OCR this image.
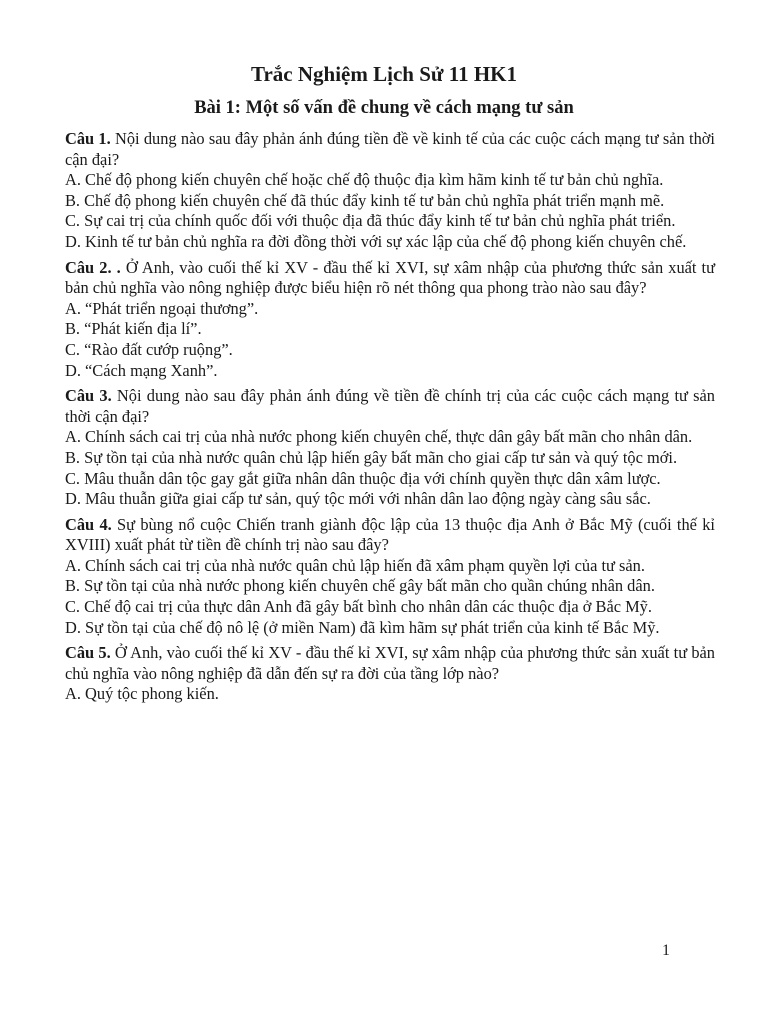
Trắc Nghiệm Lịch Sử 11 HK1
Bài 1: Một số vấn đề chung về cách mạng tư sản

Câu 1. Nội dung nào sau đây phản ánh đúng tiền đề về kinh tế của các cuộc cách mạng tư sản thời cận đại?

A. Chế độ phong kiến chuyên chế hoặc chế độ thuộc địa kìm hãm kinh tế tư bản chủ nghĩa.

B. Chế độ phong kiến chuyên chế đã thúc đẩy kinh tế tư bản chủ nghĩa phát triển mạnh mẽ.

C. Sự cai trị của chính quốc đối với thuộc địa đã thúc đẩy kinh tế tư bản chủ nghĩa phát triển.

D. Kinh tế tư bản chủ nghĩa ra đời đồng thời với sự xác lập của chế độ phong kiến chuyên chế.

Câu 2. . Ở Anh, vào cuối thế kỉ XV - đầu thế kỉ XVI, sự xâm nhập của phương thức sản xuất tư bản chủ nghĩa vào nông nghiệp được biểu hiện rõ nét thông qua phong trào nào sau đây?

A. “Phát triển ngoại thương”.

B. “Phát kiến địa lí”.

C. “Rào đất cướp ruộng”.

D. “Cách mạng Xanh”.

Câu 3. Nội dung nào sau đây phản ánh đúng về tiền đề chính trị của các cuộc cách mạng tư sản thời cận đại?

A. Chính sách cai trị của nhà nước phong kiến chuyên chế, thực dân gây bất mãn cho nhân dân.

B. Sự tồn tại của nhà nước quân chủ lập hiến gây bất mãn cho giai cấp tư sản và quý tộc mới.

C. Mâu thuẫn dân tộc gay gắt giữa nhân dân thuộc địa với chính quyền thực dân xâm lược.

D. Mâu thuẫn giữa giai cấp tư sản, quý tộc mới với nhân dân lao động ngày càng sâu sắc.

Câu 4. Sự bùng nổ cuộc Chiến tranh giành độc lập của 13 thuộc địa Anh ở Bắc Mỹ (cuối thế kỉ XVIII) xuất phát từ tiền đề chính trị nào sau đây?

A. Chính sách cai trị của nhà nước quân chủ lập hiến đã xâm phạm quyền lợi của tư sản.

B. Sự tồn tại của nhà nước phong kiến chuyên chế gây bất mãn cho quần chúng nhân dân.

C. Chế độ cai trị của thực dân Anh đã gây bất bình cho nhân dân các thuộc địa ở Bắc Mỹ.

D. Sự tồn tại của chế độ nô lệ (ở miền Nam) đã kìm hãm sự phát triển của kinh tế Bắc Mỹ.

Câu 5. Ở Anh, vào cuối thế kỉ XV - đầu thế kỉ XVI, sự xâm nhập của phương thức sản xuất tư bản chủ nghĩa vào nông nghiệp đã dẫn đến sự ra đời của tầng lớp nào?

A. Quý tộc phong kiến.

1
